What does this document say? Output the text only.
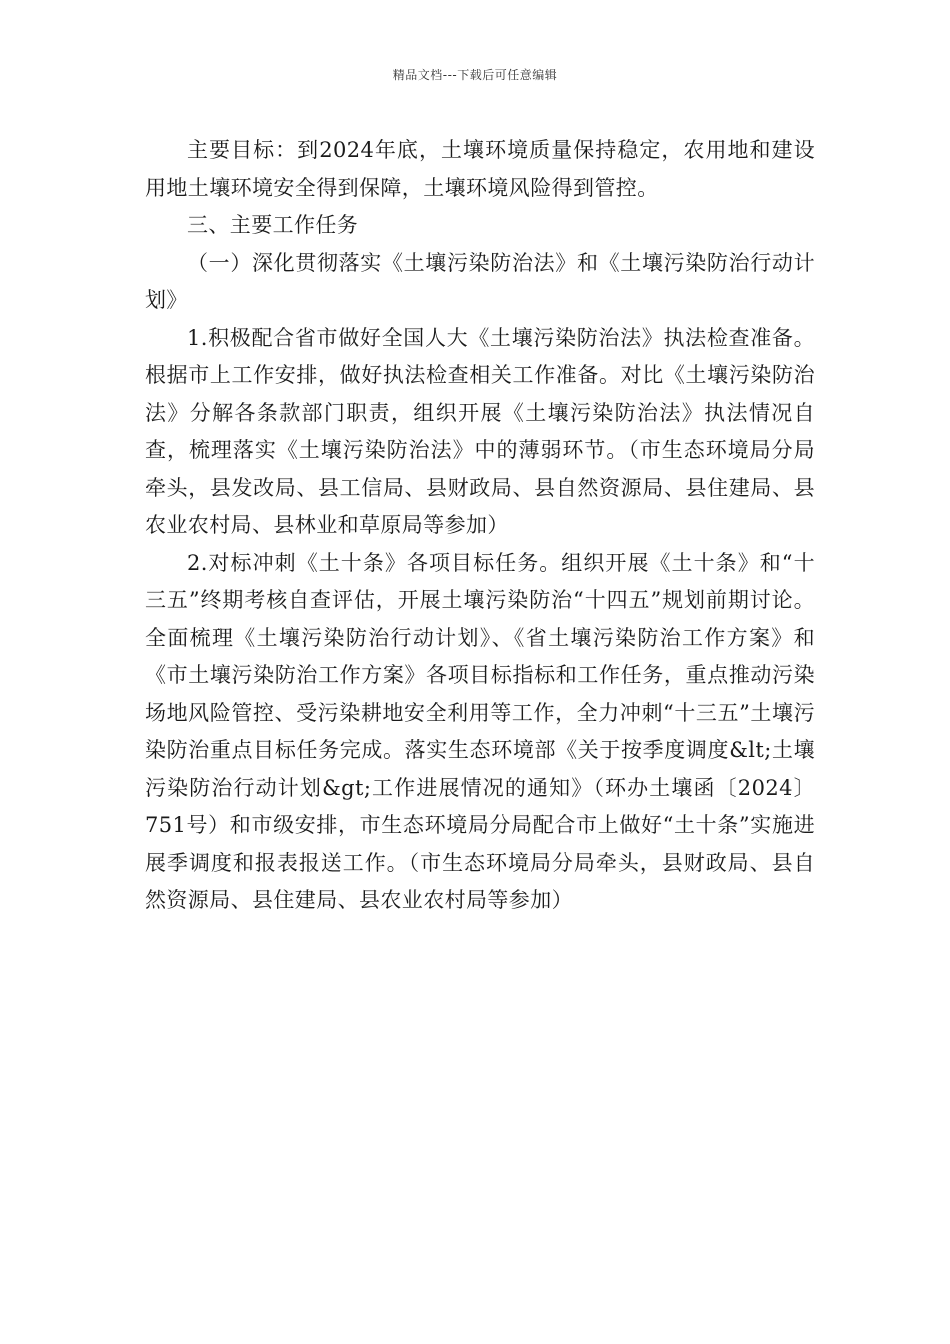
精品文档---下载后可任意编辑

主要目标：到2024年底，土壤环境质量保持稳定，农用地和建设用地土壤环境安全得到保障，土壤环境风险得到管控。

三、主要工作任务

（一）深化贯彻落实《土壤污染防治法》和《土壤污染防治行动计划》

1.积极配合省市做好全国人大《土壤污染防治法》执法检查准备。根据市上工作安排，做好执法检查相关工作准备。对比《土壤污染防治法》分解各条款部门职责，组织开展《土壤污染防治法》执法情况自查，梳理落实《土壤污染防治法》中的薄弱环节。（市生态环境局分局牵头，县发改局、县工信局、县财政局、县自然资源局、县住建局、县农业农村局、县林业和草原局等参加）

2.对标冲刺《土十条》各项目标任务。组织开展《土十条》和“十三五”终期考核自查评估，开展土壤污染防治“十四五”规划前期讨论。全面梳理《土壤污染防治行动计划》、《省土壤污染防治工作方案》和《市土壤污染防治工作方案》各项目标指标和工作任务，重点推动污染场地风险管控、受污染耕地安全利用等工作，全力冲刺“十三五”土壤污染防治重点目标任务完成。落实生态环境部《关于按季度调度&lt;土壤污染防治行动计划&gt;工作进展情况的通知》（环办土壤函〔2024〕751号）和市级安排，市生态环境局分局配合市上做好“土十条”实施进展季调度和报表报送工作。（市生态环境局分局牵头，县财政局、县自然资源局、县住建局、县农业农村局等参加）
